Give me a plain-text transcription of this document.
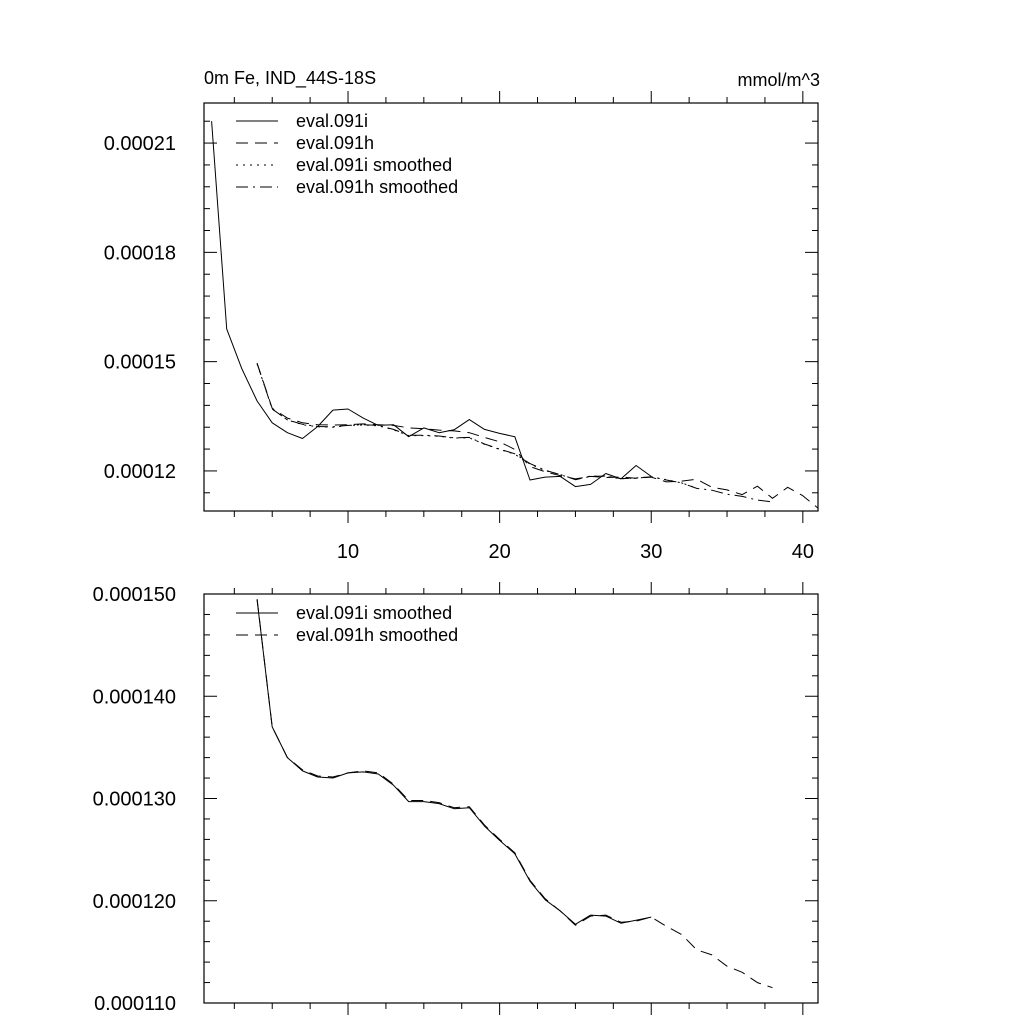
0m Fe, IND_44S-18S	mmol/m^3
0.00021
0.00018
0.00015
0.00012
10	20	30	40
eval.091i
eval.091h
eval.091i smoothed
eval.091h smoothed
0.000150
0.000140
0.000130
0.000120
0.000110
eval.091i smoothed
eval.091h smoothed
